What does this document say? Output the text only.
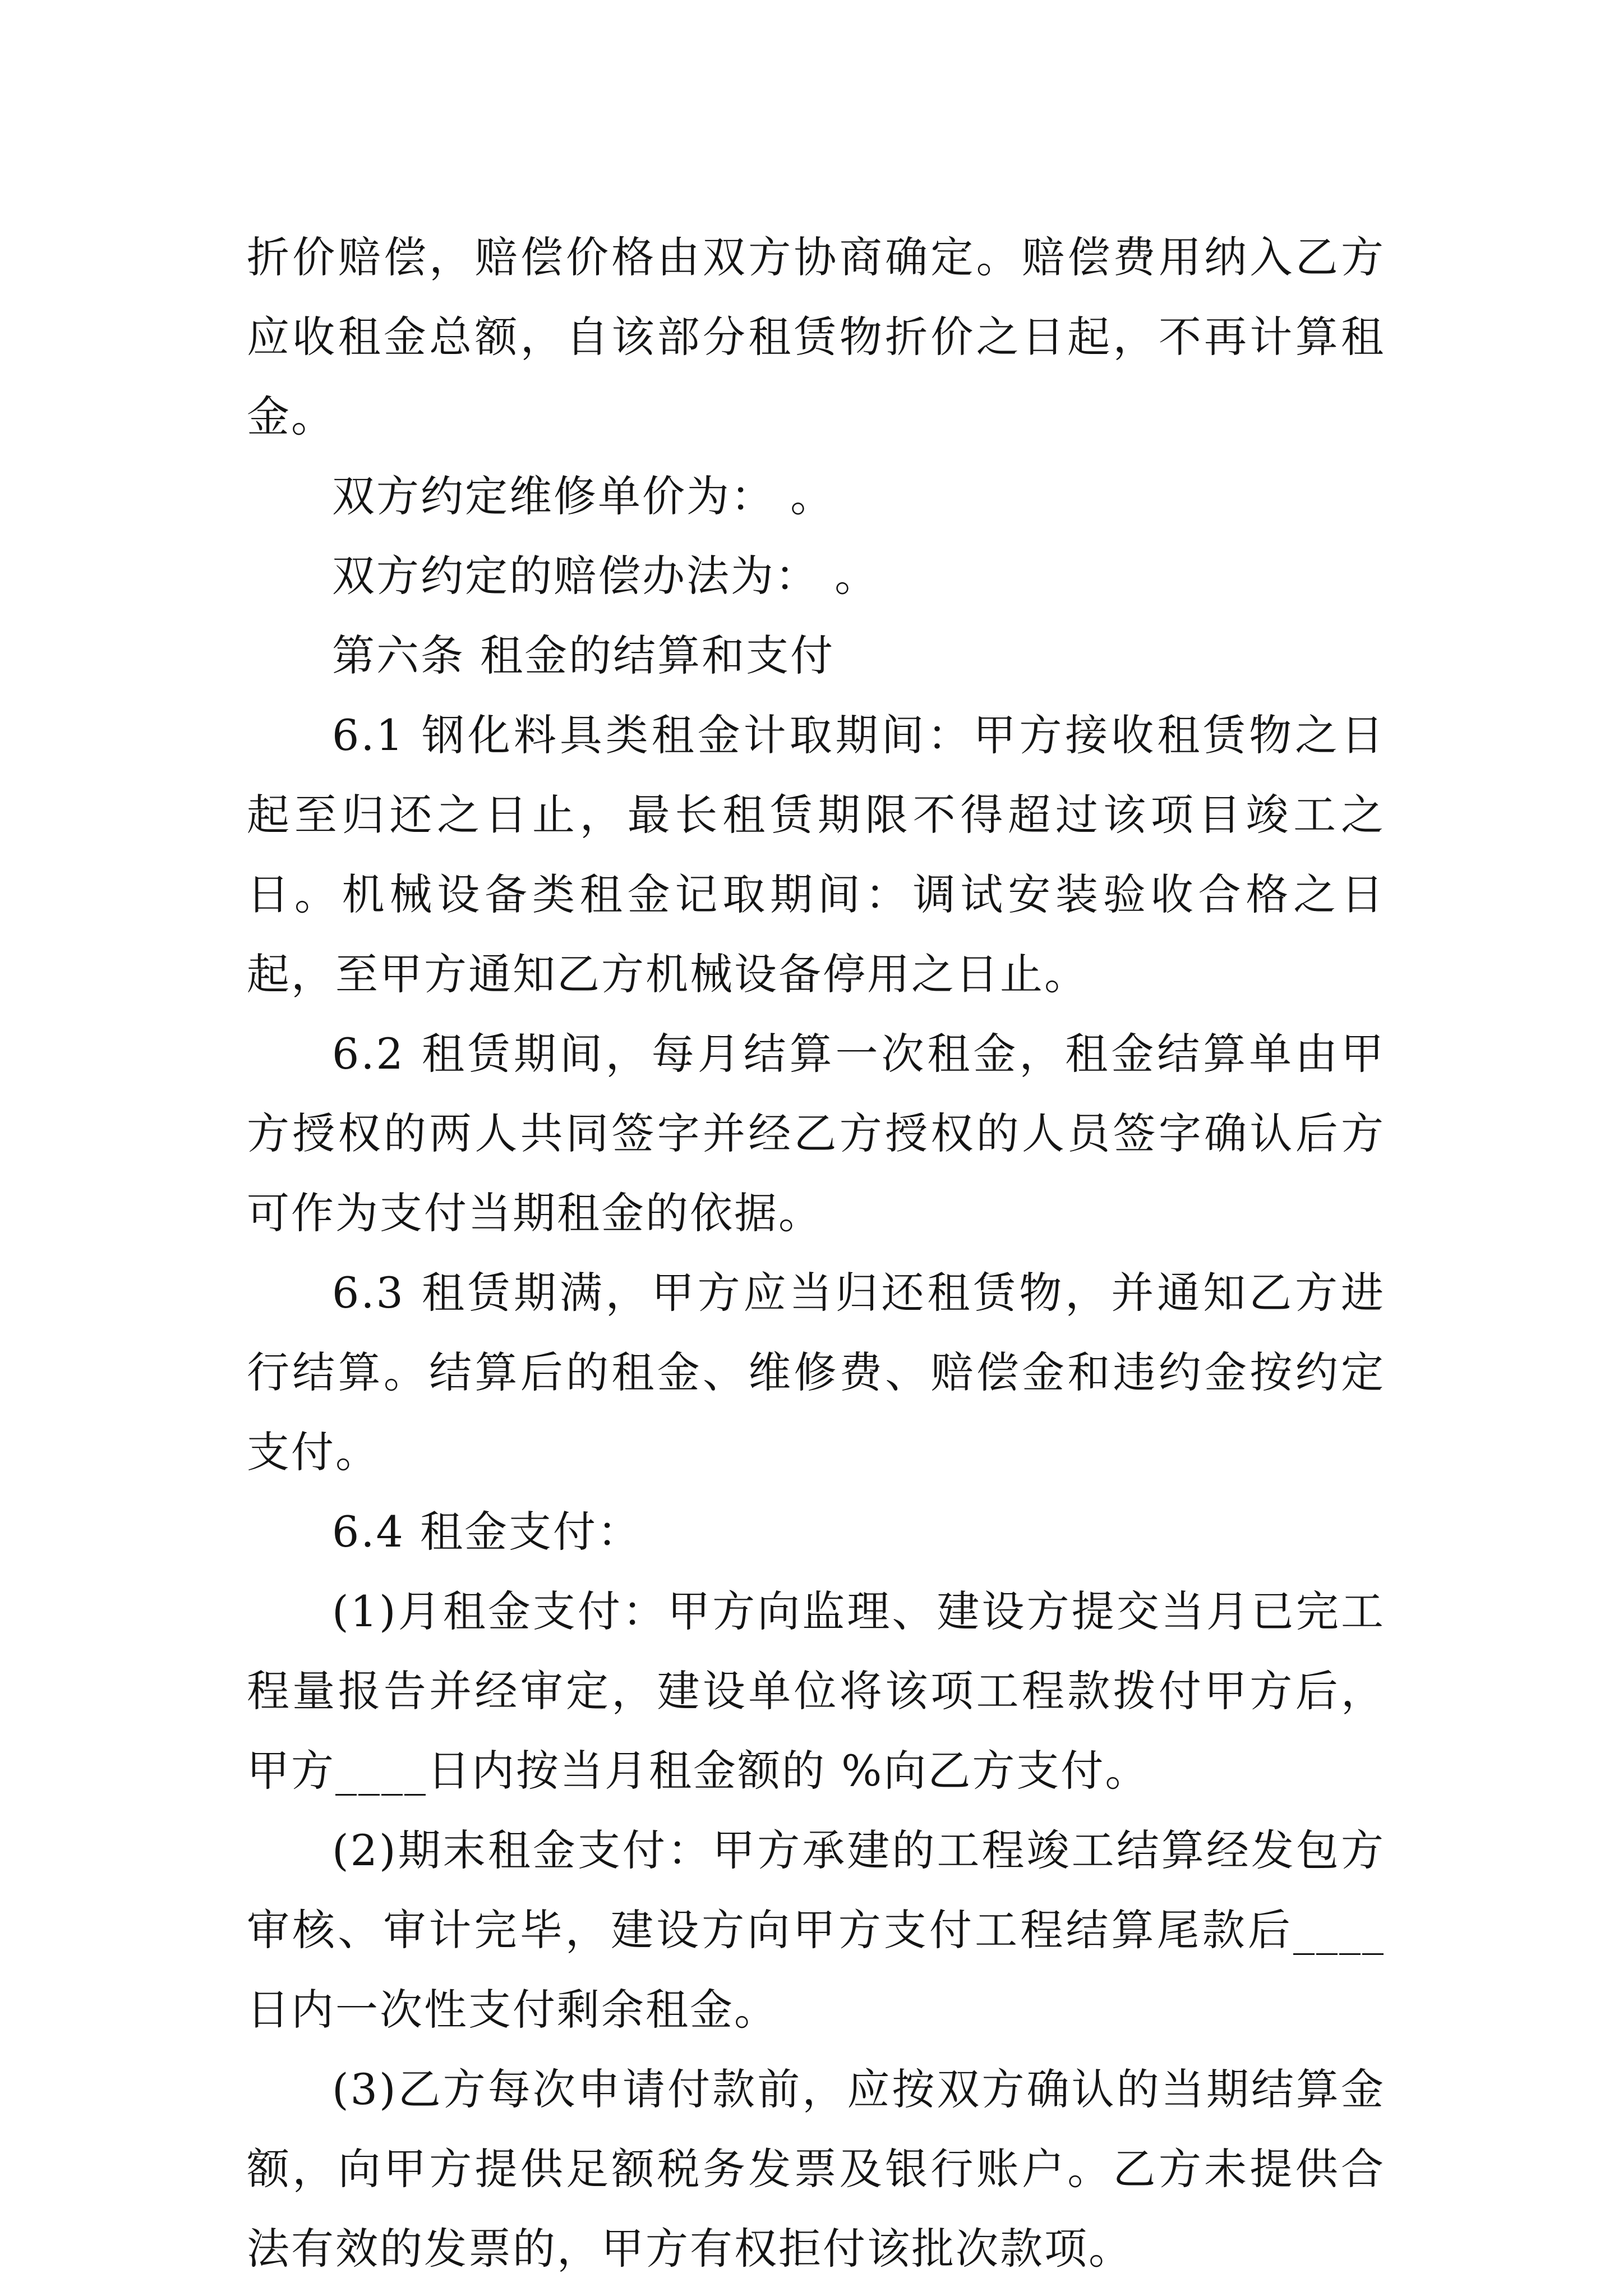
折价赔偿，赔偿价格由双方协商确定。赔偿费用纳入乙方应收租金总额，自该部分租赁物折价之日起，不再计算租金。

双方约定维修单价为： 。

双方约定的赔偿办法为： 。

第六条 租金的结算和支付

6.1 钢化料具类租金计取期间：甲方接收租赁物之日起至归还之日止，最长租赁期限不得超过该项目竣工之日。机械设备类租金记取期间：调试安装验收合格之日起，至甲方通知乙方机械设备停用之日止。

6.2 租赁期间，每月结算一次租金，租金结算单由甲方授权的两人共同签字并经乙方授权的人员签字确认后方可作为支付当期租金的依据。

6.3 租赁期满，甲方应当归还租赁物，并通知乙方进行结算。结算后的租金、维修费、赔偿金和违约金按约定支付。

6.4 租金支付：

(1)月租金支付：甲方向监理、建设方提交当月已完工程量报告并经审定，建设单位将该项工程款拨付甲方后，甲方____日内按当月租金额的 %向乙方支付。

(2)期末租金支付：甲方承建的工程竣工结算经发包方审核、审计完毕，建设方向甲方支付工程结算尾款后____日内一次性支付剩余租金。

(3)乙方每次申请付款前，应按双方确认的当期结算金额，向甲方提供足额税务发票及银行账户。乙方未提供合法有效的发票的，甲方有权拒付该批次款项。
